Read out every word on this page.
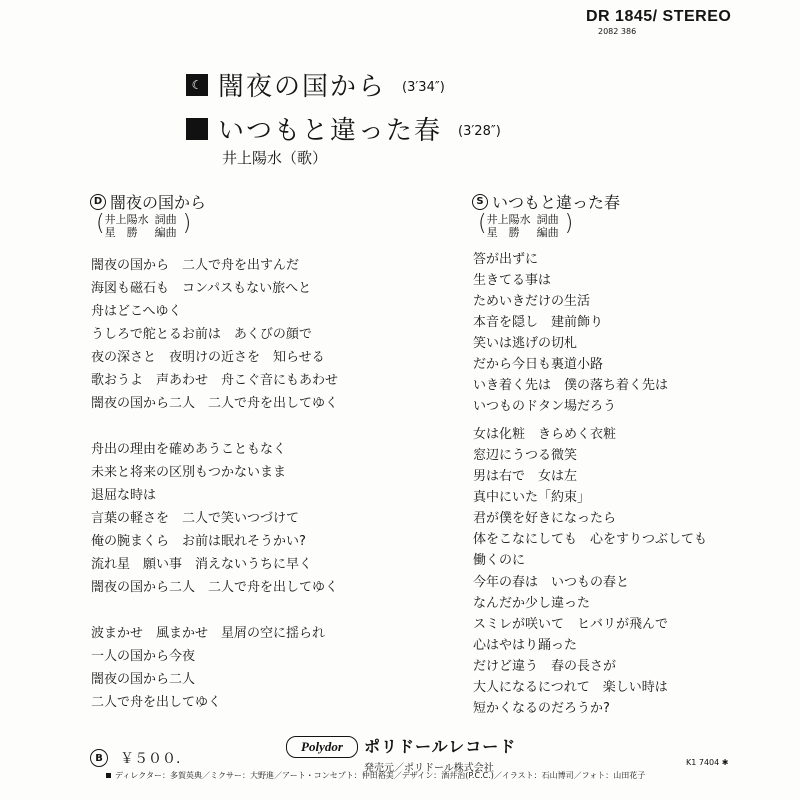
DR 1845/ STEREO
2082 386
☾ 闇夜の国から (3′34″)
いつもと違った春 (3′28″)
井上陽水（歌）
D 闇夜の国から
( 井上陽水 詞曲
星　勝	編曲 )
闇夜の国から　二人で舟を出すんだ
海図も磁石も　コンパスもない旅へと
舟はどこへゆく
うしろで舵とるお前は　あくびの顔で
夜の深さと　夜明けの近さを　知らせる
歌おうよ　声あわせ　舟こぐ音にもあわせ
闇夜の国から二人　二人で舟を出してゆく
舟出の理由を確めあうこともなく
未来と将来の区別もつかないまま
退屈な時は
言葉の軽さを　二人で笑いつづけて
俺の腕まくら　お前は眠れそうかい?
流れ星　願い事　消えないうちに早く
闇夜の国から二人　二人で舟を出してゆく
波まかせ　風まかせ　星屑の空に揺られ
一人の国から今夜
闇夜の国から二人
二人で舟を出してゆく
S いつもと違った春
( 井上陽水 詞曲
星　勝	編曲 )
答が出ずに
生きてる事は
ためいきだけの生活
本音を隠し　建前飾り
笑いは逃げの切札
だから今日も裏道小路
いき着く先は　僕の落ち着く先は
いつものドタン場だろう
女は化粧　きらめく衣粧
窓辺にうつる微笑
男は右で　女は左
真中にいた「約束」
君が僕を好きになったら
体をこなにしても　心をすりつぶしても
働くのに
今年の春は　いつもの春と
なんだか少し違った
スミレが咲いて　ヒバリが飛んで
心はやはり踊った
だけど違う　春の長さが
大人になるにつれて　楽しい時は
短かくなるのだろうか?
B	￥５００.
Polydor	ポリドールレコード
発売元／ポリドール株式会社
K1 7404 ✱
ディレクター：多賀英典／ミクサー：大野進／アート・コンセプト：仲田裕美／デザイン：酒井治(P.C.C.)／イラスト：石山博司／フォト：山田花子
